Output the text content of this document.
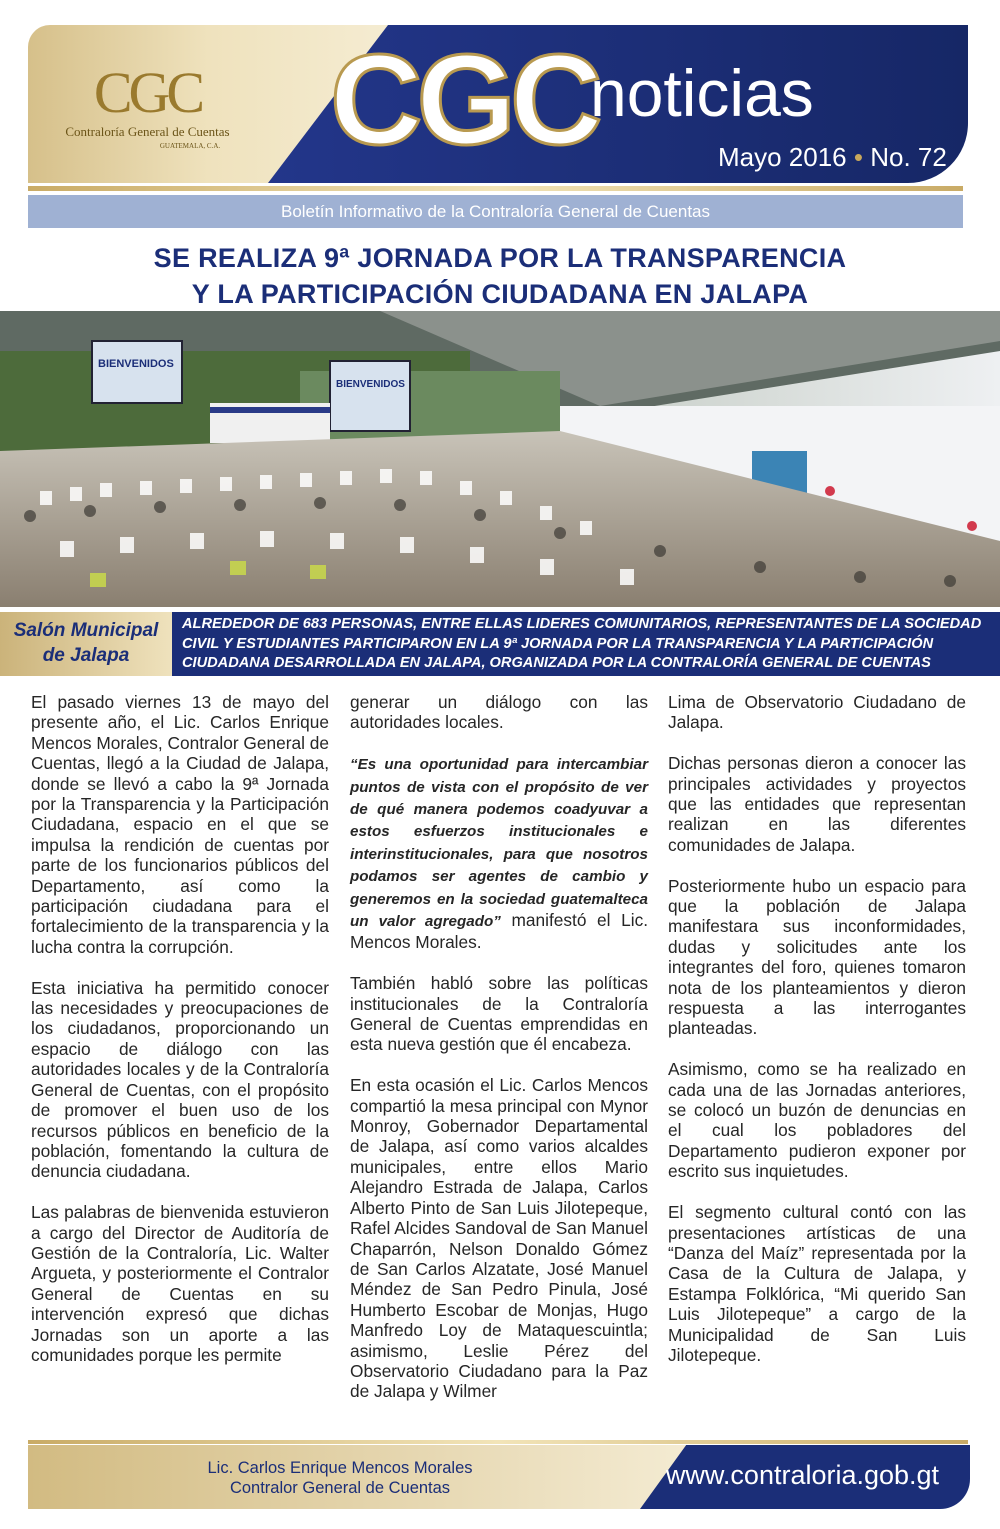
CGC
Contraloría General de Cuentas
GUATEMALA, C.A. CGC
noticias
Mayo 2016 • No. 72
Boletín Informativo de la Contraloría General de Cuentas
SE REALIZA 9ª JORNADA POR LA TRANSPARENCIA
Y LA PARTICIPACIÓN CIUDADANA EN JALAPA
BIENVENIDOS
BIENVENIDOS
Salón Municipal de Jalapa
ALREDEDOR DE 683 PERSONAS, ENTRE ELLAS LIDERES COMUNITARIOS, REPRESENTANTES DE LA SOCIEDAD CIVIL Y ESTUDIANTES PARTICIPARON EN LA 9ª JORNADA POR LA TRANSPARENCIA Y LA PARTICIPACIÓN CIUDADANA DESARROLLADA EN JALAPA, ORGANIZADA POR LA CONTRALORÍA GENERAL DE CUENTAS

El pasado viernes 13 de mayo del presente año, el Lic. Carlos Enrique Mencos Morales, Contralor General de Cuentas, llegó a la Ciudad de Jalapa, donde se llevó a cabo la 9ª Jornada por la Transparencia y la Participación Ciudadana, espacio en el que se impulsa la rendición de cuentas por parte de los funcionarios públicos del Departamento, así como la participación ciudadana para el fortalecimiento de la transparencia y la lucha contra la corrupción.

Esta iniciativa ha permitido conocer las necesidades y preocupaciones de los ciudadanos, proporcionando un espacio de diálogo con las autoridades locales y de la Contraloría General de Cuentas, con el propósito de promover el buen uso de los recursos públicos en beneficio de la población, fomentando la cultura de denuncia ciudadana.

Las palabras de bienvenida estuvieron a cargo del Director de Auditoría de Gestión de la Contraloría, Lic. Walter Argueta, y posteriormente el Contralor General de Cuentas en su intervención expresó que dichas Jornadas son un aporte a las comunidades porque les permite

generar un diálogo con las autoridades locales.

“Es una oportunidad para intercambiar puntos de vista con el propósito de ver de qué manera podemos coadyuvar a estos esfuerzos institucionales e interinstitucionales, para que nosotros podamos ser agentes de cambio y generemos en la sociedad guatemalteca un valor agregado” manifestó el Lic. Mencos Morales.

También habló sobre las políticas institucionales de la Contraloría General de Cuentas emprendidas en esta nueva gestión que él encabeza.

En esta ocasión el Lic. Carlos Mencos compartió la mesa principal con Mynor Monroy, Gobernador Departamental de Jalapa, así como varios alcaldes municipales, entre ellos Mario Alejandro Estrada de Jalapa, Carlos Alberto Pinto de San Luis Jilotepeque, Rafel Alcides Sandoval de San Manuel Chaparrón, Nelson Donaldo Gómez de San Carlos Alzatate, José Manuel Méndez de San Pedro Pinula, José Humberto Escobar de Monjas, Hugo Manfredo Loy de Mataquescuintla; asimismo, Leslie Pérez del Observatorio Ciudadano para la Paz de Jalapa y Wilmer

Lima de Observatorio Ciudadano de Jalapa.

Dichas personas dieron a conocer las principales actividades y proyectos que las entidades que representan realizan en las diferentes comunidades de Jalapa.

Posteriormente hubo un espacio para que la población de Jalapa manifestara sus inconformidades, dudas y solicitudes ante los integrantes del foro, quienes tomaron nota de los planteamientos y dieron respuesta a las interrogantes planteadas.

Asimismo, como se ha realizado en cada una de las Jornadas anteriores, se colocó un buzón de denuncias en el cual los pobladores del Departamento pudieron exponer por escrito sus inquietudes.

El segmento cultural contó con las presentaciones artísticas de una “Danza del Maíz” representada por la Casa de la Cultura de Jalapa, y Estampa Folklórica, “Mi querido San Luis Jilotepeque” a cargo de la Municipalidad de San Luis Jilotepeque.

Lic. Carlos Enrique Mencos Morales
Contralor General de Cuentas	www.contraloria.gob.gt
